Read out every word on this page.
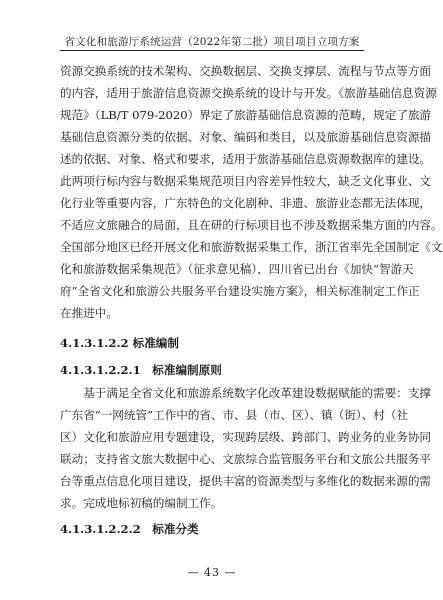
省文化和旅游厅系统运营（2022年第二批）项目项目立项方案
资源交换系统的技术架构、交换数据层、交换支撑层、流程与节点等方面
的内容，适用于旅游信息资源交换系统的设计与开发。《旅游基础信息资源
规范》（LB/T 079-2020）界定了旅游基础信息资源的范畴，规定了旅游
基础信息资源分类的依据、对象、编码和类目，以及旅游基础信息资源描
述的依据、对象、格式和要求，适用于旅游基础信息资源数据库的建设。
此两项行标内容与数据采集规范项目内容差异性较大，缺乏文化事业、文
化行业等重要内容，广东特色的文化剧种、非遗、旅游业态都无法体现，
不适应文旅融合的局面，且在研的行标项目也不涉及数据采集方面的内容。
全国部分地区已经开展文化和旅游数据采集工作，浙江省率先全国制定《文
化和旅游数据采集规范》（征求意见稿），四川省已出台《加快“智游天
府”全省文化和旅游公共服务平台建设实施方案》，相关标准制定工作正
在推进中。
4.1.3.1.2.2 标准编制
4.1.3.1.2.2.1　标准编制原则
基于满足全省文化和旅游系统数字化改革建设数据赋能的需要：支撑
广东省“一网统管”工作中的省、市、县（市、区）、镇（街）、村（社
区）文化和旅游应用专题建设，实现跨层级、跨部门、跨业务的业务协同
联动；支持省文旅大数据中心、文旅综合监管服务平台和文旅公共服务平
台等重点信息化项目建设，提供丰富的资源类型与多维化的数据来源的需
求。完成地标初稿的编制工作。
4.1.3.1.2.2.2　标准分类
— 43 —
